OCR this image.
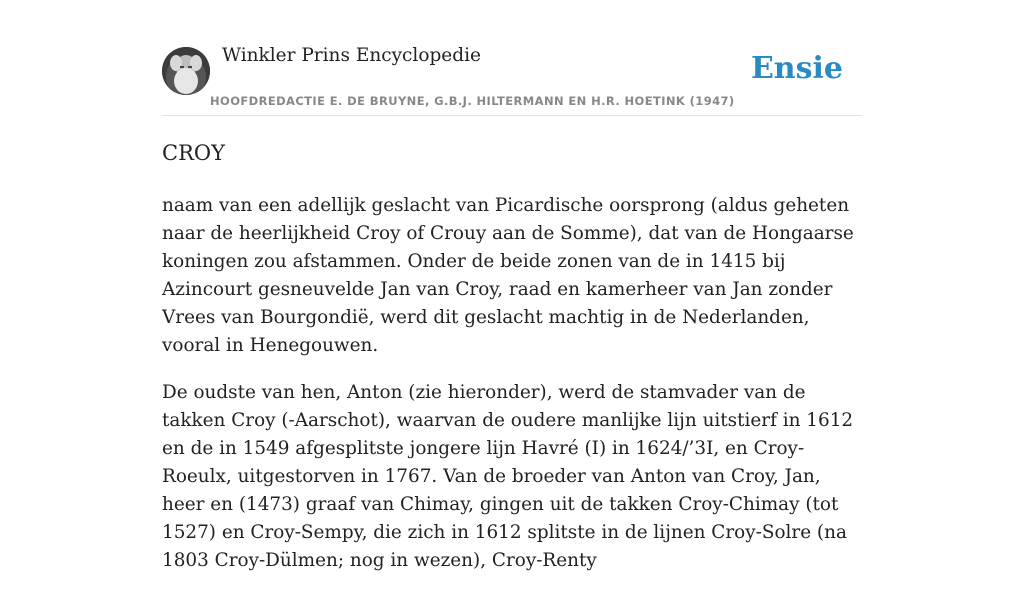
Winkler Prins Encyclopedie	Ensie
HOOFDREDACTIE E. DE BRUYNE, G.B.J. HILTERMANN EN H.R. HOETINK (1947)
CROY

naam van een adellijk geslacht van Picardische oorsprong (aldus geheten naar de heerlijkheid Croy of Crouy aan de Somme), dat van de Hongaarse koningen zou afstammen. Onder de beide zonen van de in 1415 bij Azincourt gesneuvelde Jan van Croy, raad en kamerheer van Jan zonder Vrees van Bourgondië, werd dit geslacht machtig in de Nederlanden, vooral in Henegouwen.

De oudste van hen, Anton (zie hieronder), werd de stamvader van de takken Croy (-Aarschot), waarvan de oudere manlijke lijn uitstierf in 1612 en de in 1549 afgesplitste jongere lijn Havré (I) in 1624/’3I, en Croy-Roeulx, uitgestorven in 1767. Van de broeder van Anton van Croy, Jan, heer en (1473) graaf van Chimay, gingen uit de takken Croy-Chimay (tot 1527) en Croy-Sempy, die zich in 1612 splitste in de lijnen Croy-Solre (na 1803 Croy-Dülmen; nog in wezen), Croy-Renty
